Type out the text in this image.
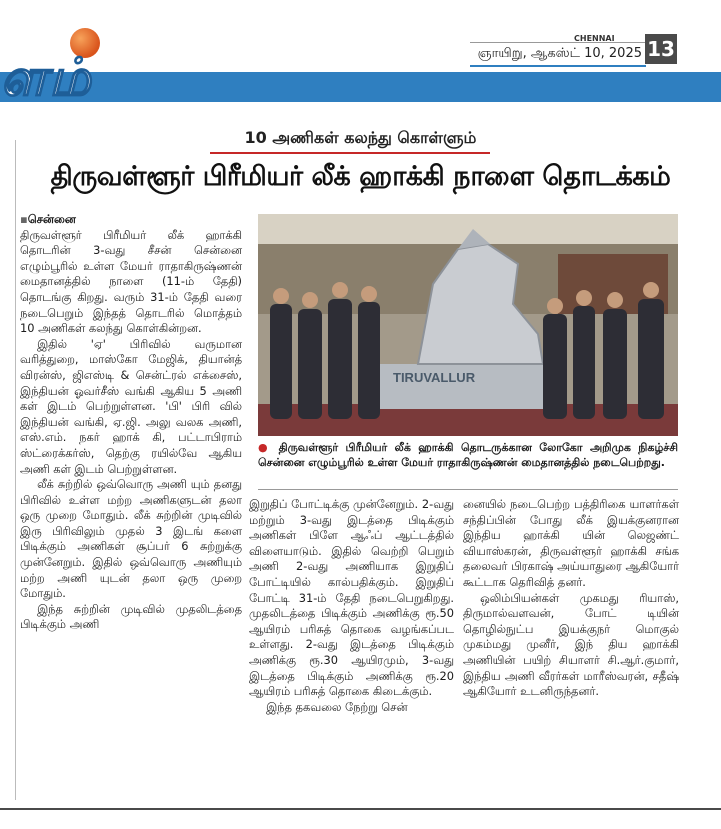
ளம்
CHENNAI
ஞாயிறு, ஆகஸ்ட் 10, 2025 13
10 அணிகள் கலந்து கொள்ளும்
திருவள்ளூர் பிரீமியர் லீக் ஹாக்கி நாளை தொடக்கம்

▪சென்னை

திருவள்ளூர் பிரீமியர் லீக் ஹாக்கி தொடரின் 3-வது சீசன் சென்னை எழும்பூரில் உள்ள மேயர் ராதாகிருஷ்ணன் மைதானத்தில் நாளை (11-ம் தேதி) தொடங்கு கிறது. வரும் 31-ம் தேதி வரை நடைபெறும் இந்தத் தொடரில் மொத்தம் 10 அணிகள் கலந்து கொள்கின்றன.

இதில் 'ஏ' பிரிவில் வருமான வரித்துறை, மாஸ்கோ மேஜிக், தியான்த் விரன்ஸ், ஜிஎஸ்டி & சென்ட்ரல் எக்சைஸ், இந்தியன் ஓவர்சீஸ் வங்கி ஆகிய 5 அணி கள் இடம் பெற்றுள்ளன. 'பி' பிரி வில் இந்தியன் வங்கி, ஏ.ஜி. அலு வலக அணி, எஸ்.எம். நகர் ஹாக் கி, பட்டாபிராம் ஸ்ட்ரைக்கர்ஸ், தெற்கு ரயில்வே ஆகிய அணி கள் இடம் பெற்றுள்ளன.

லீக் சுற்றில் ஒவ்வொரு அணி யும் தனது பிரிவில் உள்ள மற்ற அணிகளுடன் தலா ஒரு முறை மோதும். லீக் சுற்றின் முடிவில் இரு பிரிவிலும் முதல் 3 இடங் களை பிடிக்கும் அணிகள் சூப்பர் 6 சுற்றுக்கு முன்னேறும். இதில் ஒவ்வொரு அணியும் மற்ற அணி யுடன் தலா ஒரு முறை மோதும்.

இந்த சுற்றின் முடிவில் முதலிடத்தை பிடிக்கும் அணி

TIRUVALLUR
● திருவள்ளூர் பிரீமியர் லீக் ஹாக்கி தொடருக்கான லோகோ அறிமுக நிகழ்ச்சி சென்னை எழும்பூரில் உள்ள மேயர் ராதாகிருஷ்ணன் மைதானத்தில் நடைபெற்றது.

இறுதிப் போட்டிக்கு முன்னேறும். 2-வது மற்றும் 3-வது இடத்தை பிடிக்கும் அணிகள் பிளே ஆஃப் ஆட்டத்தில் விளையாடும். இதில் வெற்றி பெறும் அணி 2-வது அணியாக இறுதிப் போட்டியில் கால்பதிக்கும். இறுதிப் போட்டி 31-ம் தேதி நடைபெறுகிறது. முதலிடத்தை பிடிக்கும் அணிக்கு ரூ.50 ஆயிரம் பரிசுத் தொகை வழங்கப்பட உள்ளது. 2-வது இடத்தை பிடிக்கும் அணிக்கு ரூ.30 ஆயிரமும், 3-வது இடத்தை பிடிக்கும் அணிக்கு ரூ.20 ஆயிரம் பரிசுத் தொகை கிடைக்கும்.

இந்த தகவலை நேற்று சென்

னையில் நடைபெற்ற பத்திரிகை யாளர்கள் சந்திப்பின் போது லீக் இயக்குனரான இந்திய ஹாக்கி யின் லெஜண்ட் வியாஸ்கரன், திருவள்ளூர் ஹாக்கி சங்க தலைவர் பிரகாஷ் அய்யாதுரை ஆகியோர் கூட்டாக தெரிவித் தனர்.

ஒலிம்பியன்கள் முகமது ரியாஸ், திருமால்வளவன், போட் டியின் தொழில்நுட்ப இயக்குநர் மொகுல் முகம்மது முனீர், இந் திய ஹாக்கி அணியின் பயிற் சியாளர் சி.ஆர்.குமார், இந்திய அணி வீரர்கள் மாரீஸ்வரன், சதீஷ் ஆகியோர் உடனிருந்தனர்.
